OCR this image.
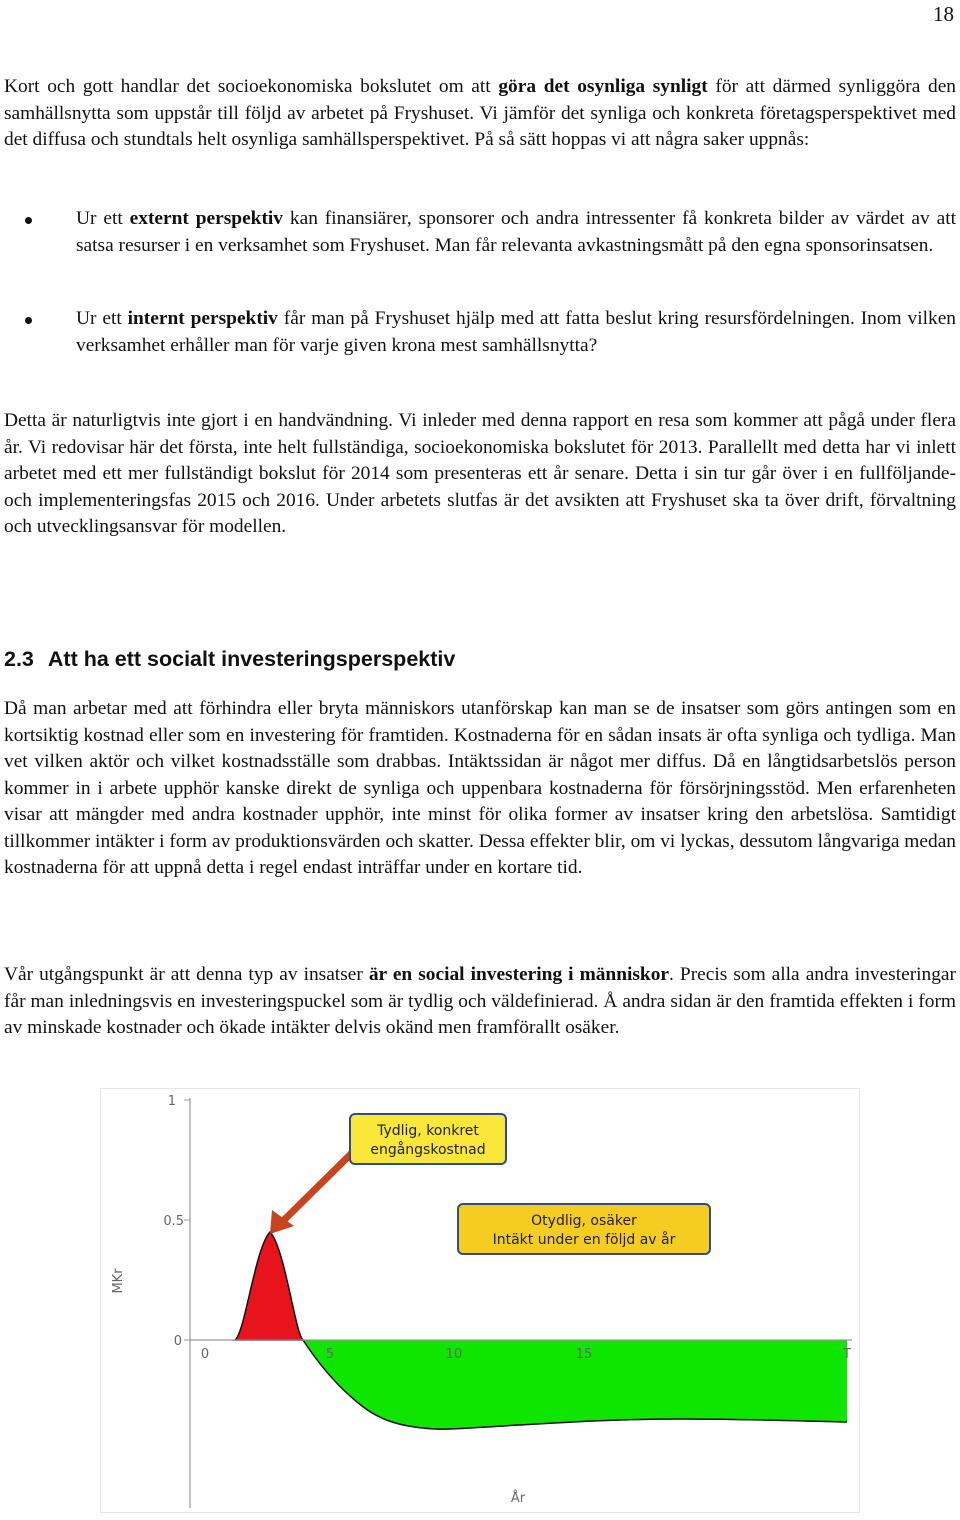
18

Kort och gott handlar det socioekonomiska bokslutet om att göra det osynliga synligt för att därmed synliggöra den samhällsnytta som uppstår till följd av arbetet på Fryshuset. Vi jämför det synliga och konkreta företagsperspektivet med det diffusa och stundtals helt osynliga samhällsperspektivet. På så sätt hoppas vi att några saker uppnås:

Ur ett externt perspektiv kan finansiärer, sponsorer och andra intressenter få konkreta bilder av värdet av att satsa resurser i en verksamhet som Fryshuset. Man får relevanta avkastningsmått på den egna sponsorinsatsen.

Ur ett internt perspektiv får man på Fryshuset hjälp med att fatta beslut kring resursfördelningen. Inom vilken verksamhet erhåller man för varje given krona mest samhällsnytta?

Detta är naturligtvis inte gjort i en handvändning. Vi inleder med denna rapport en resa som kommer att pågå under flera år. Vi redovisar här det första, inte helt fullständiga, socioekonomiska bokslutet för 2013. Parallellt med detta har vi inlett arbetet med ett mer fullständigt bokslut för 2014 som presenteras ett år senare. Detta i sin tur går över i en fullföljande- och implementeringsfas 2015 och 2016. Under arbetets slutfas är det avsikten att Fryshuset ska ta över drift, förvaltning och utvecklingsansvar för modellen.

2.3 Att ha ett socialt investeringsperspektiv

Då man arbetar med att förhindra eller bryta människors utanförskap kan man se de insatser som görs antingen som en kortsiktig kostnad eller som en investering för framtiden. Kostnaderna för en sådan insats är ofta synliga och tydliga. Man vet vilken aktör och vilket kostnadsställe som drabbas. Intäktssidan är något mer diffus. Då en långtidsarbetslös person kommer in i arbete upphör kanske direkt de synliga och uppenbara kostnaderna för försörjningsstöd. Men erfarenheten visar att mängder med andra kostnader upphör, inte minst för olika former av insatser kring den arbetslösa. Samtidigt tillkommer intäkter i form av produktionsvärden och skatter. Dessa effekter blir, om vi lyckas, dessutom långvariga medan kostnaderna för att uppnå detta i regel endast inträffar under en kortare tid.

Vår utgångspunkt är att denna typ av insatser är en social investering i människor. Precis som alla andra investeringar får man inledningsvis en investeringspuckel som är tydlig och väldefinierad. Å andra sidan är den framtida effekten i form av minskade kostnader och ökade intäkter delvis okänd men framförallt osäker.

1
0.5
0
0	5	10	15	T
MKr
År
Tydlig, konkret
engångskostnad
Otydlig, osäker
Intäkt under en följd av år
